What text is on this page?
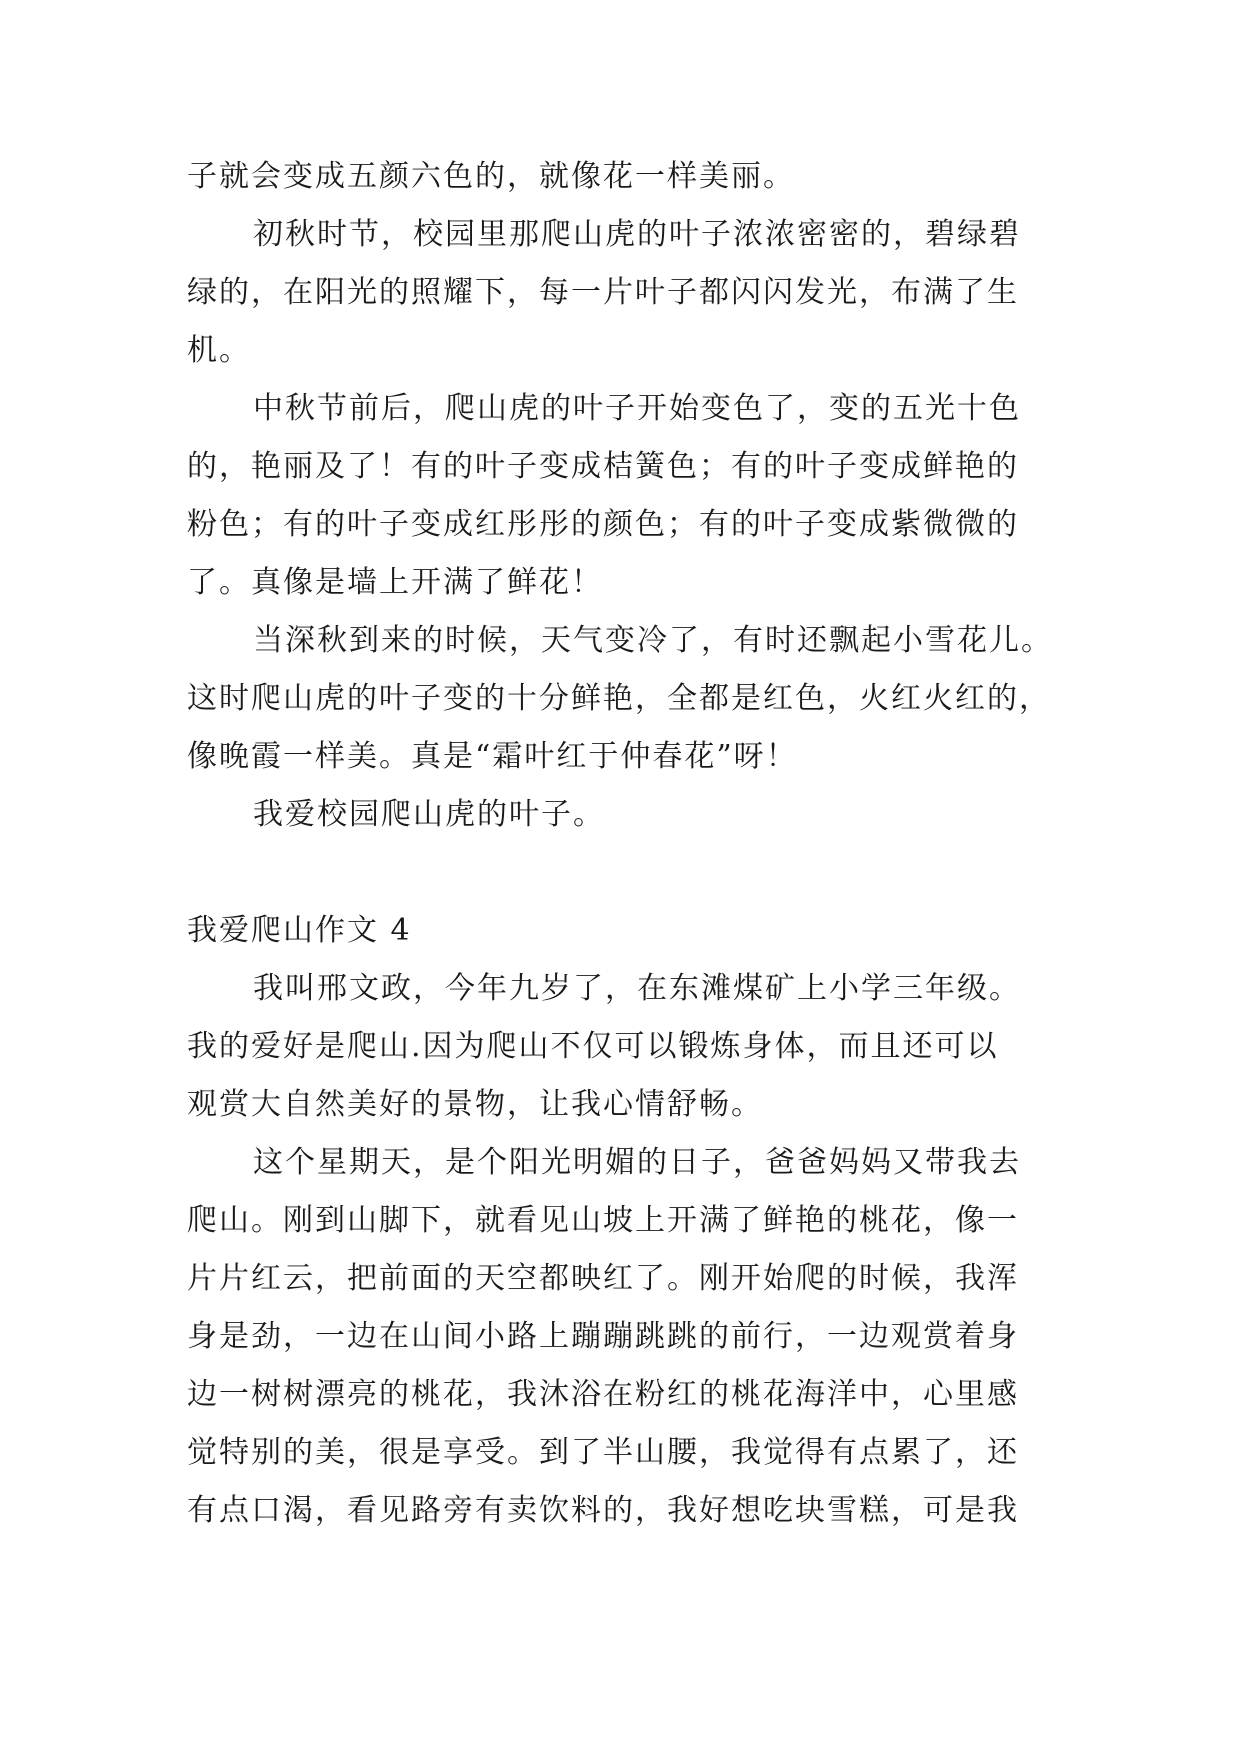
子就会变成五颜六色的，就像花一样美丽。
初秋时节，校园里那爬山虎的叶子浓浓密密的，碧绿碧
绿的，在阳光的照耀下，每一片叶子都闪闪发光，布满了生
机。
中秋节前后，爬山虎的叶子开始变色了，变的五光十色
的，艳丽及了！有的叶子变成桔簧色；有的叶子变成鲜艳的
粉色；有的叶子变成红彤彤的颜色；有的叶子变成紫微微的
了。真像是墙上开满了鲜花！
当深秋到来的时候，天气变冷了，有时还飘起小雪花儿。
这时爬山虎的叶子变的十分鲜艳，全都是红色，火红火红的，
像晚霞一样美。真是“霜叶红于仲春花”呀！
我爱校园爬山虎的叶子。
我爱爬山作文 4
我叫邢文政，今年九岁了，在东滩煤矿上小学三年级。
我的爱好是爬山.因为爬山不仅可以锻炼身体，而且还可以
观赏大自然美好的景物，让我心情舒畅。
这个星期天，是个阳光明媚的日子，爸爸妈妈又带我去
爬山。刚到山脚下，就看见山坡上开满了鲜艳的桃花，像一
片片红云，把前面的天空都映红了。刚开始爬的时候，我浑
身是劲，一边在山间小路上蹦蹦跳跳的前行，一边观赏着身
边一树树漂亮的桃花，我沐浴在粉红的桃花海洋中，心里感
觉特别的美，很是享受。到了半山腰，我觉得有点累了，还
有点口渴，看见路旁有卖饮料的，我好想吃块雪糕，可是我
